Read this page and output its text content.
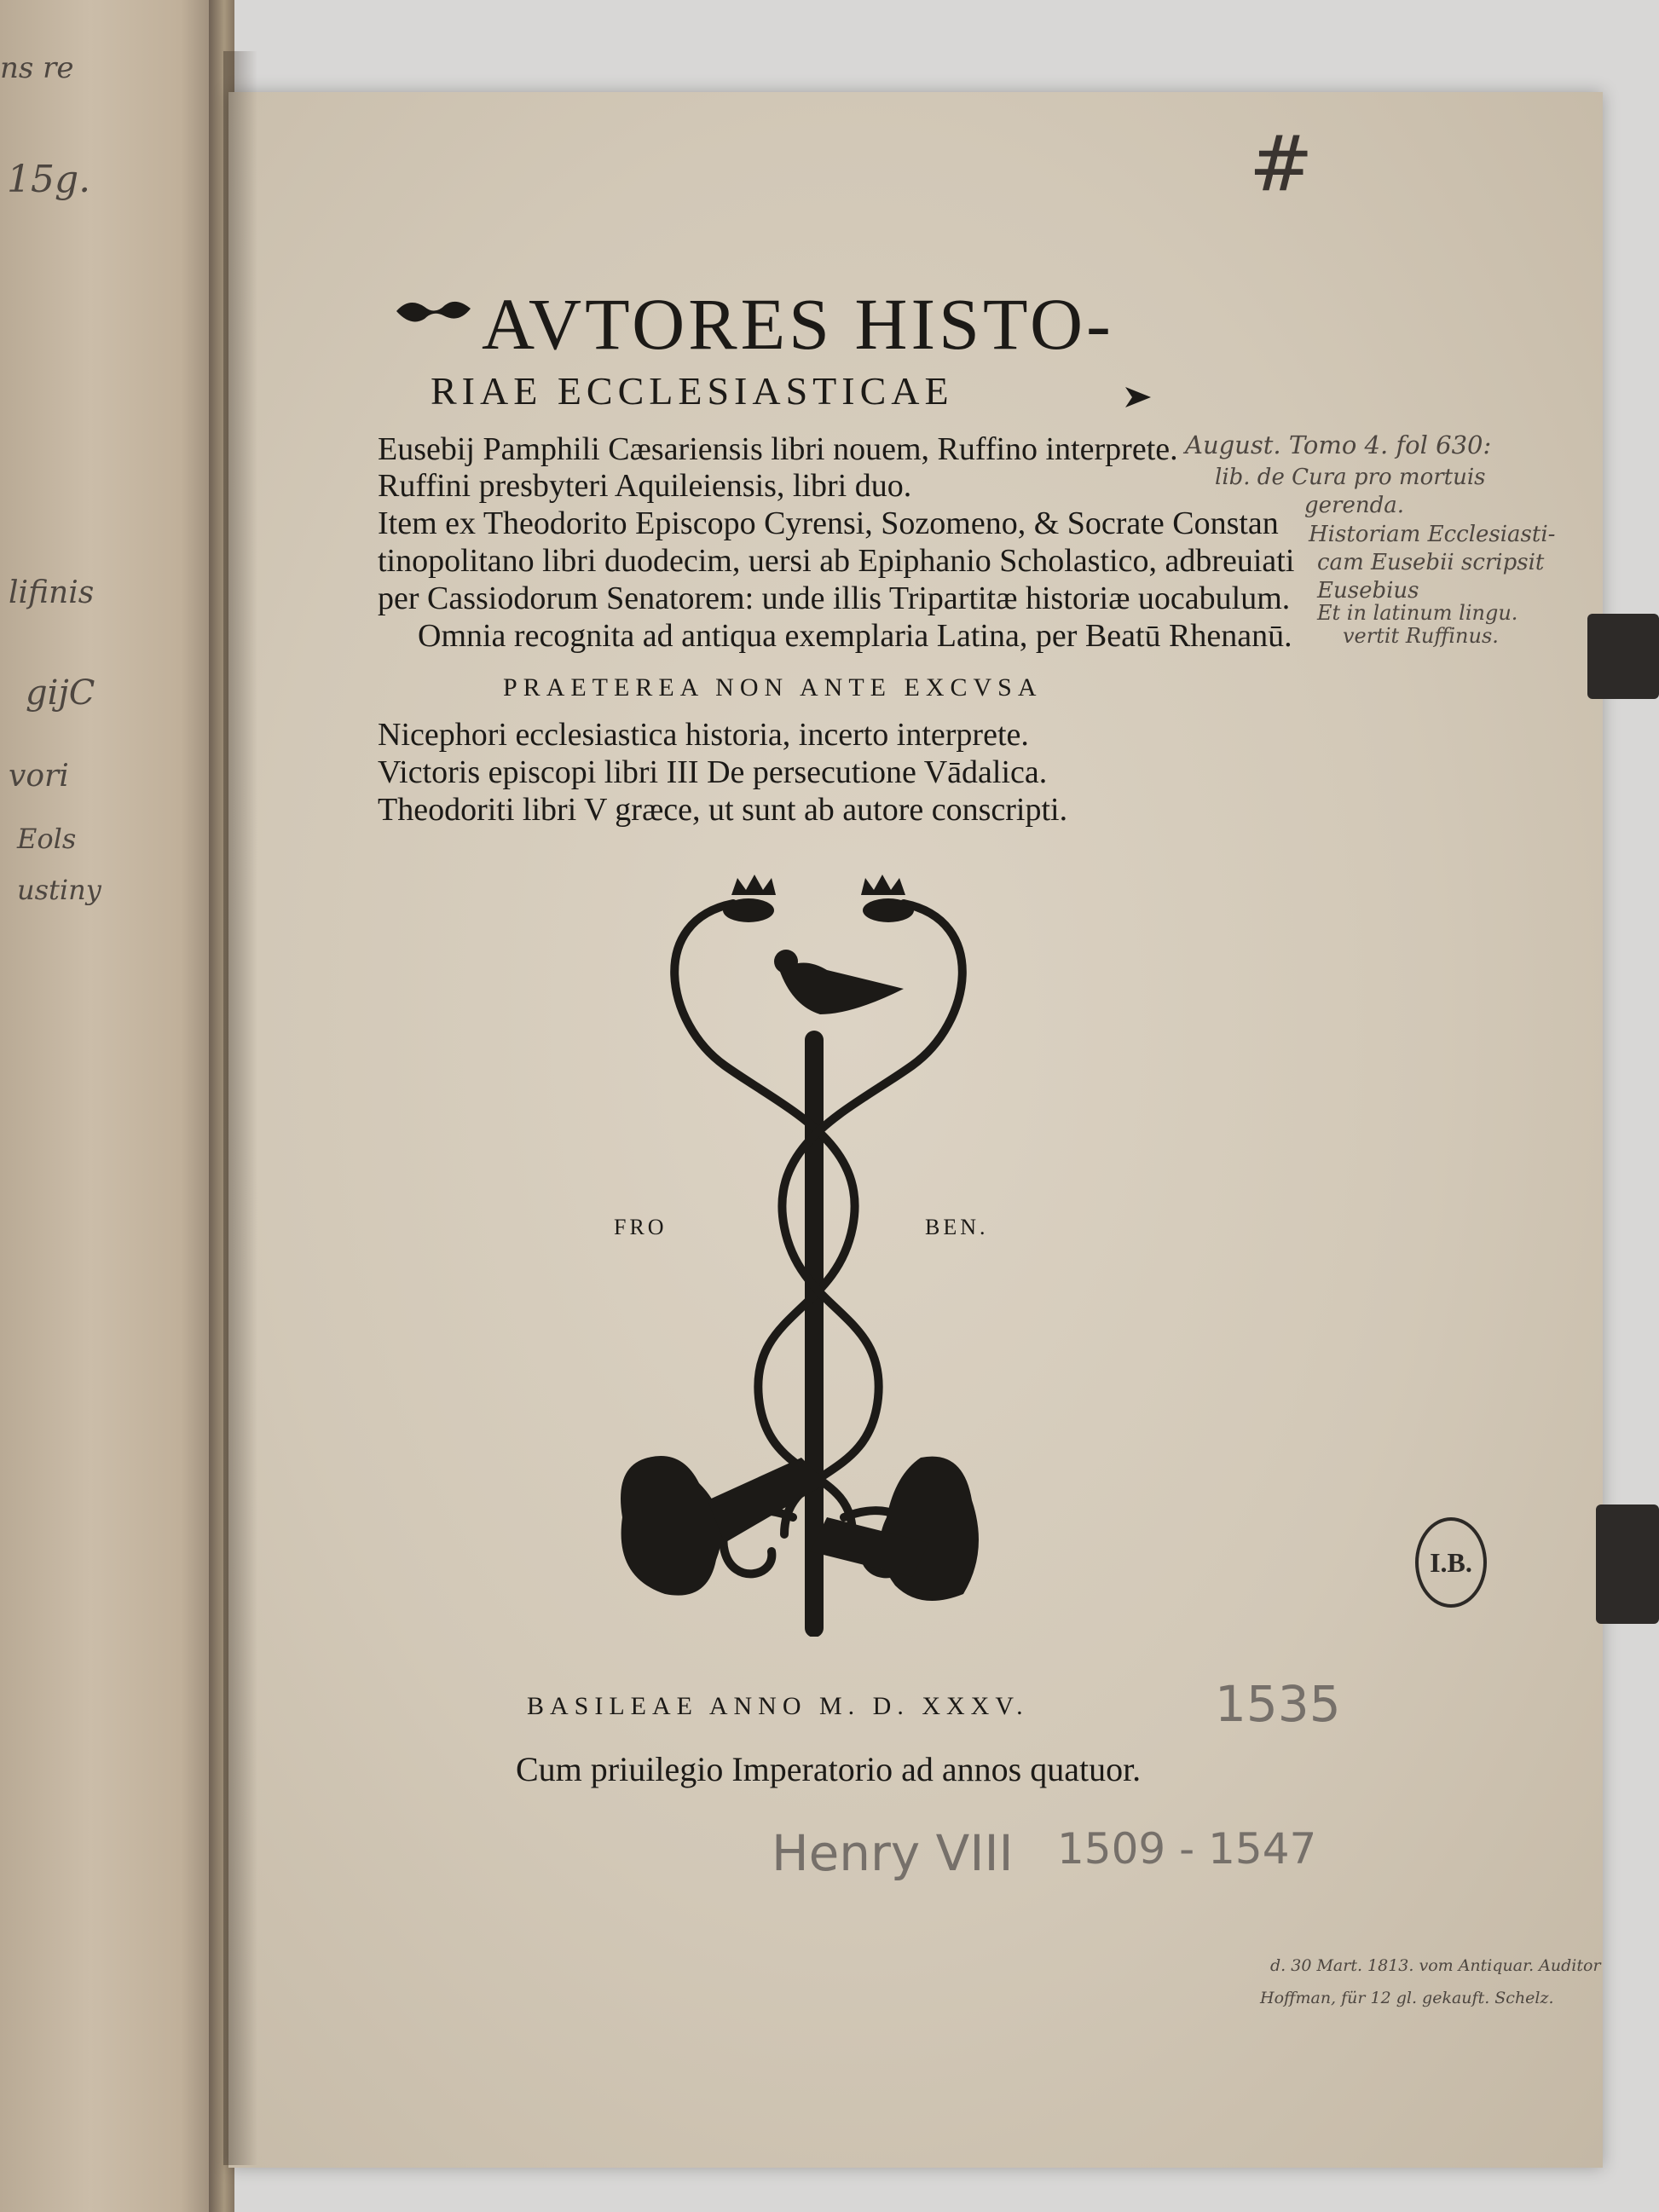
ns re
15g.
lifinis
gijC
vori
Eols
ustiny
#
AVTORES HISTO-
RIAE ECCLESIASTICAE
Eusebij Pamphili Cæsariensis libri nouem, Ruffino interprete.
Ruffini presbyteri Aquileiensis, libri duo.
Item ex Theodorito Episcopo Cyrensi, Sozomeno, & Socrate Constan
tinopolitano libri duodecim, uersi ab Epiphanio Scholastico, adbreuiati
per Cassiodorum Senatorem: unde illis Tripartitæ historiæ uocabulum.
Omnia recognita ad antiqua exemplaria Latina, per Beatū Rhenanū.
PRAETEREA NON ANTE EXCVSA
Nicephori ecclesiastica historia, incerto interprete.
Victoris episcopi libri III De persecutione Vādalica.
Theodoriti libri V græce, ut sunt ab autore conscripti.
FRO	BEN.
BASILEAE ANNO M. D. XXXV.
Cum priuilegio Imperatorio ad annos quatuor.
1535
Henry VIII 1509 - 1547
August. Tomo 4. fol 630:
lib. de Cura pro mortuis
gerenda.
Historiam Ecclesiasti-
cam Eusebii scripsit
Eusebius
Et in latinum lingu.
vertit Ruffinus.
I.B.
d. 30 Mart. 1813. vom Antiquar. Auditor
Hoffman, für 12 gl. gekauft. Schelz.
